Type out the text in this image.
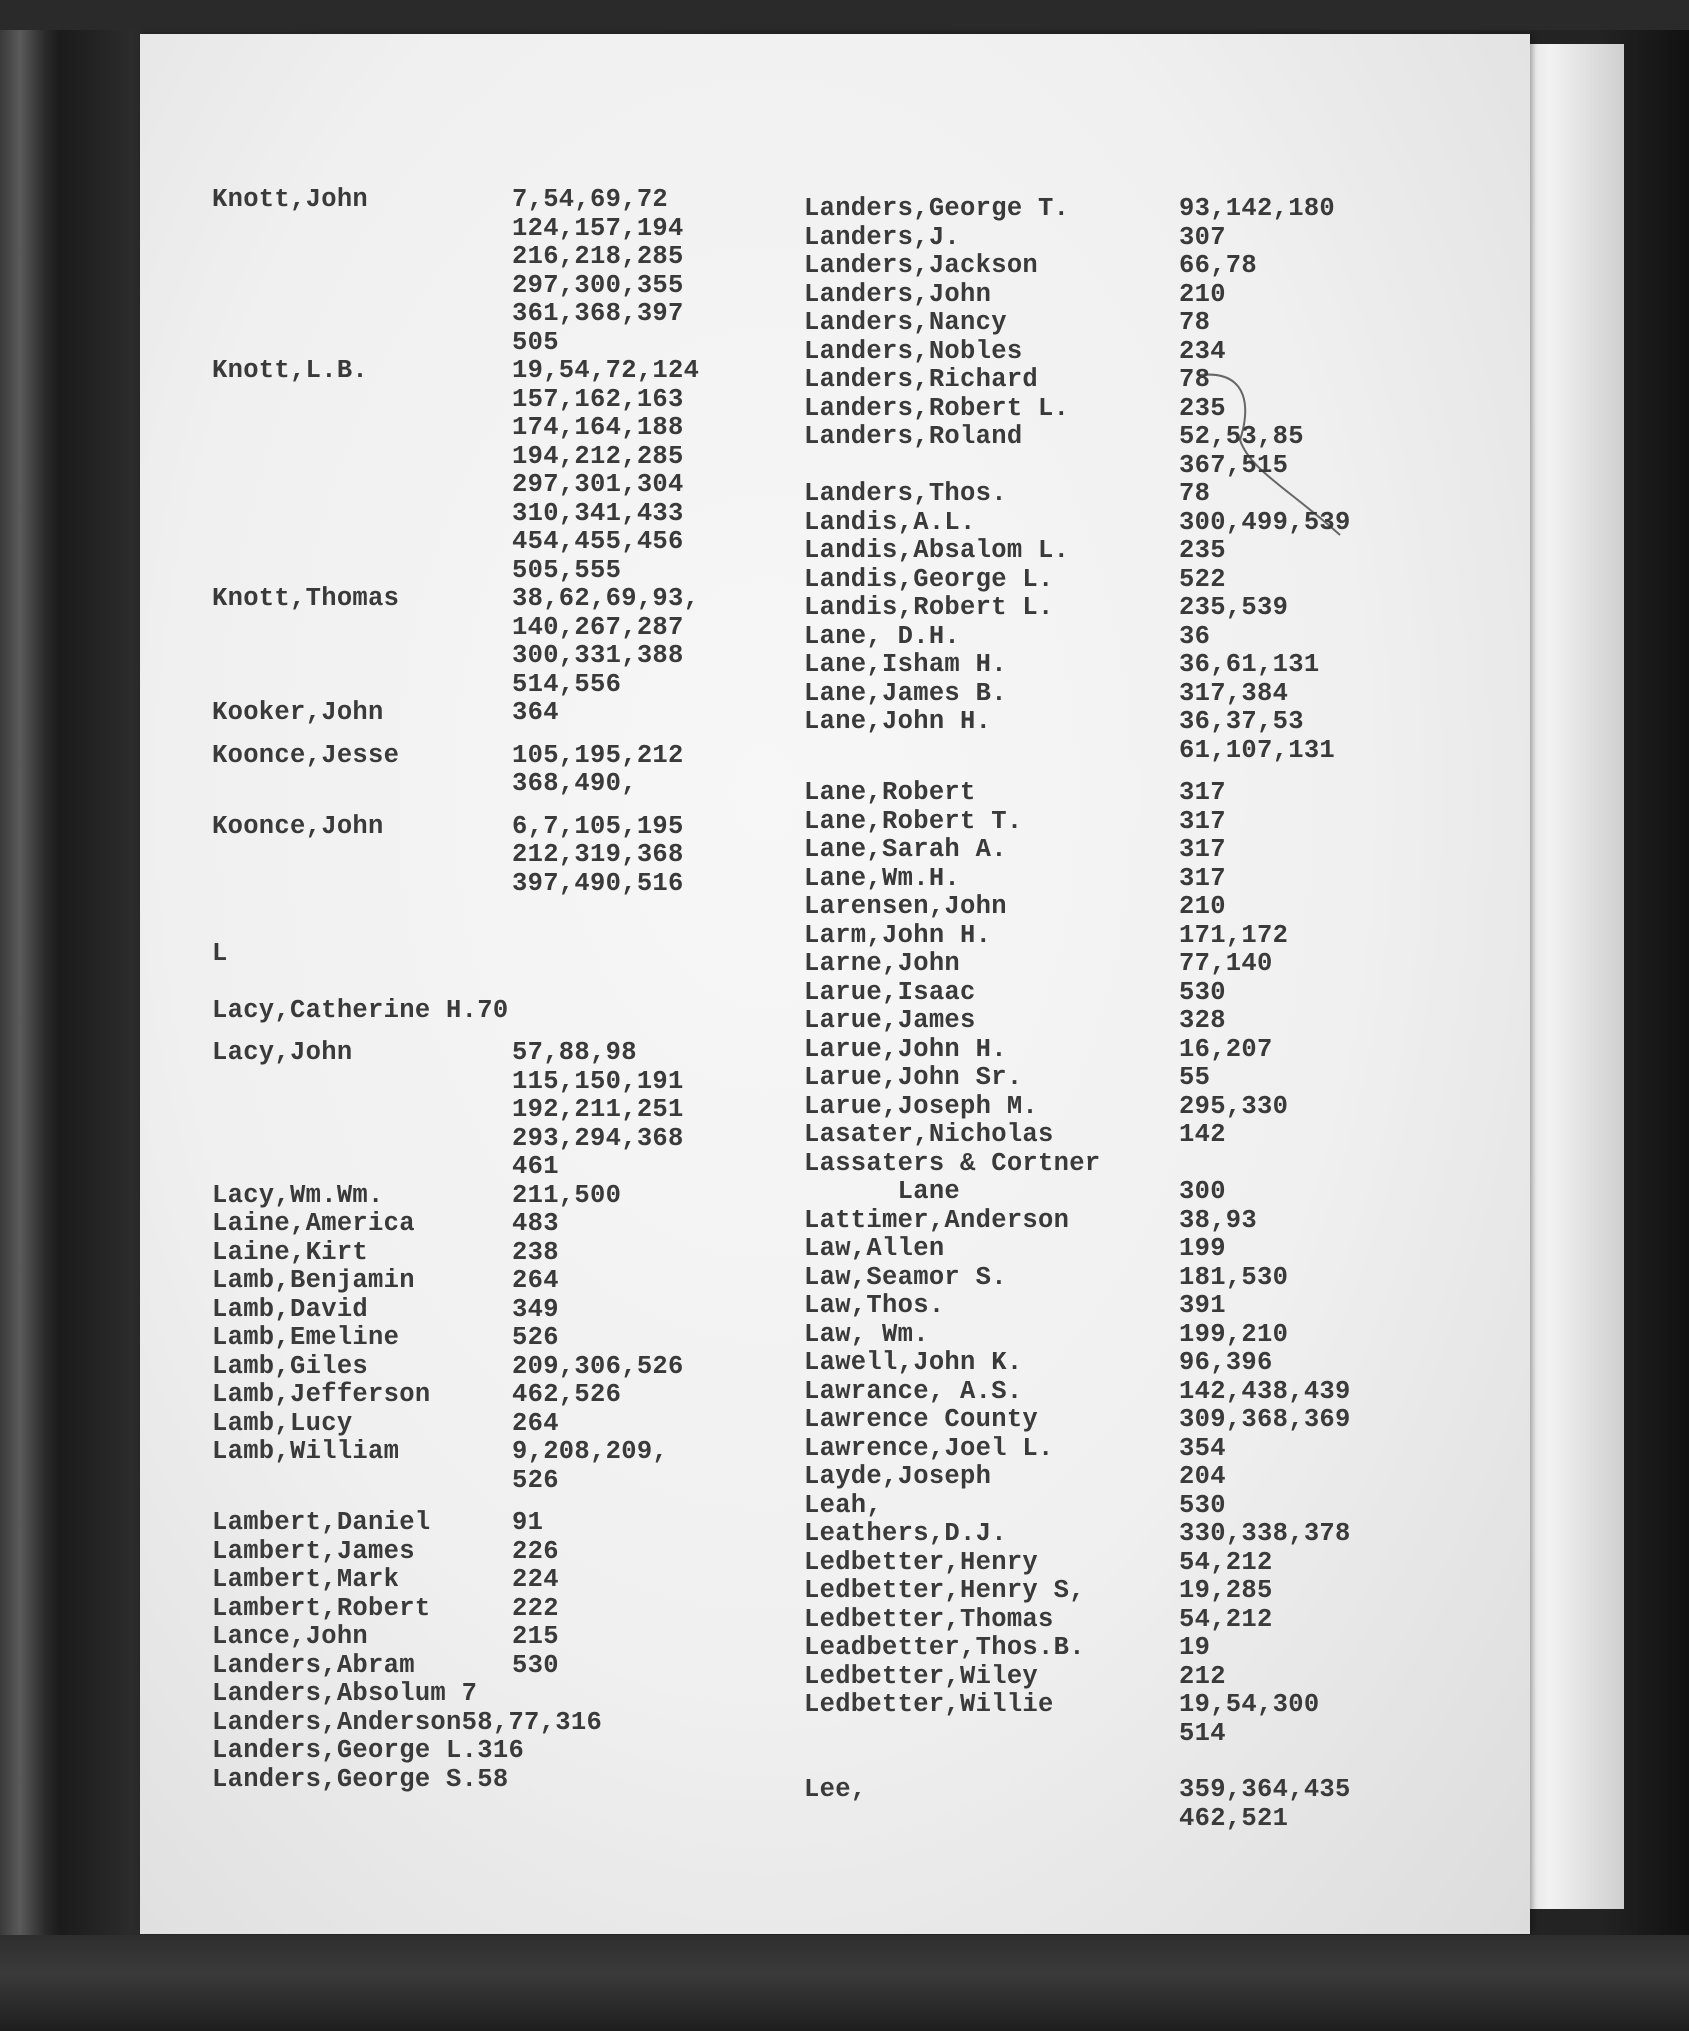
Knott,John	7,54,69,72
124,157,194
216,218,285
297,300,355
361,368,397
505
Knott,L.B.	19,54,72,124
157,162,163
174,164,188
194,212,285
297,301,304
310,341,433
454,455,456
505,555
Knott,Thomas	38,62,69,93,
140,267,287
300,331,388
514,556
Kooker,John	364
Koonce,Jesse	105,195,212
368,490,
Koonce,John	6,7,105,195
212,319,368
397,490,516
L
Lacy,Catherine H.70
Lacy,John	57,88,98
115,150,191
192,211,251
293,294,368
461
Lacy,Wm.Wm.	211,500
Laine,America	483
Laine,Kirt	238
Lamb,Benjamin	264
Lamb,David	349
Lamb,Emeline	526
Lamb,Giles	209,306,526
Lamb,Jefferson	462,526
Lamb,Lucy	264
Lamb,William	9,208,209,
526
Lambert,Daniel	91
Lambert,James	226
Lambert,Mark	224
Lambert,Robert	222
Lance,John	215
Landers,Abram	530
Landers,Absolum 7
Landers,Anderson58,77,316
Landers,George L.316
Landers,George S.58
Landers,George T.	93,142,180
Landers,J.	307
Landers,Jackson	66,78
Landers,John	210
Landers,Nancy	78
Landers,Nobles	234
Landers,Richard	78
Landers,Robert L.	235
Landers,Roland	52,53,85
367,515
Landers,Thos.	78
Landis,A.L.	300,499,539
Landis,Absalom L.	235
Landis,George L.	522
Landis,Robert L.	235,539
Lane, D.H.	36
Lane,Isham H.	36,61,131
Lane,James B.	317,384
Lane,John H.	36,37,53
61,107,131
Lane,Robert	317
Lane,Robert T.	317
Lane,Sarah A.	317
Lane,Wm.H.	317
Larensen,John	210
Larm,John H.	171,172
Larne,John	77,140
Larue,Isaac	530
Larue,James	328
Larue,John H.	16,207
Larue,John Sr.	55
Larue,Joseph M.	295,330
Lasater,Nicholas	142
Lassaters & Cortner
Lane	300
Lattimer,Anderson	38,93
Law,Allen	199
Law,Seamor S.	181,530
Law,Thos.	391
Law, Wm.	199,210
Lawell,John K.	96,396
Lawrance, A.S.	142,438,439
Lawrence County	309,368,369
Lawrence,Joel L.	354
Layde,Joseph	204
Leah,	530
Leathers,D.J.	330,338,378
Ledbetter,Henry	54,212
Ledbetter,Henry S,	19,285
Ledbetter,Thomas	54,212
Leadbetter,Thos.B.	19
Ledbetter,Wiley	212
Ledbetter,Willie	19,54,300
514
Lee,	359,364,435
462,521
